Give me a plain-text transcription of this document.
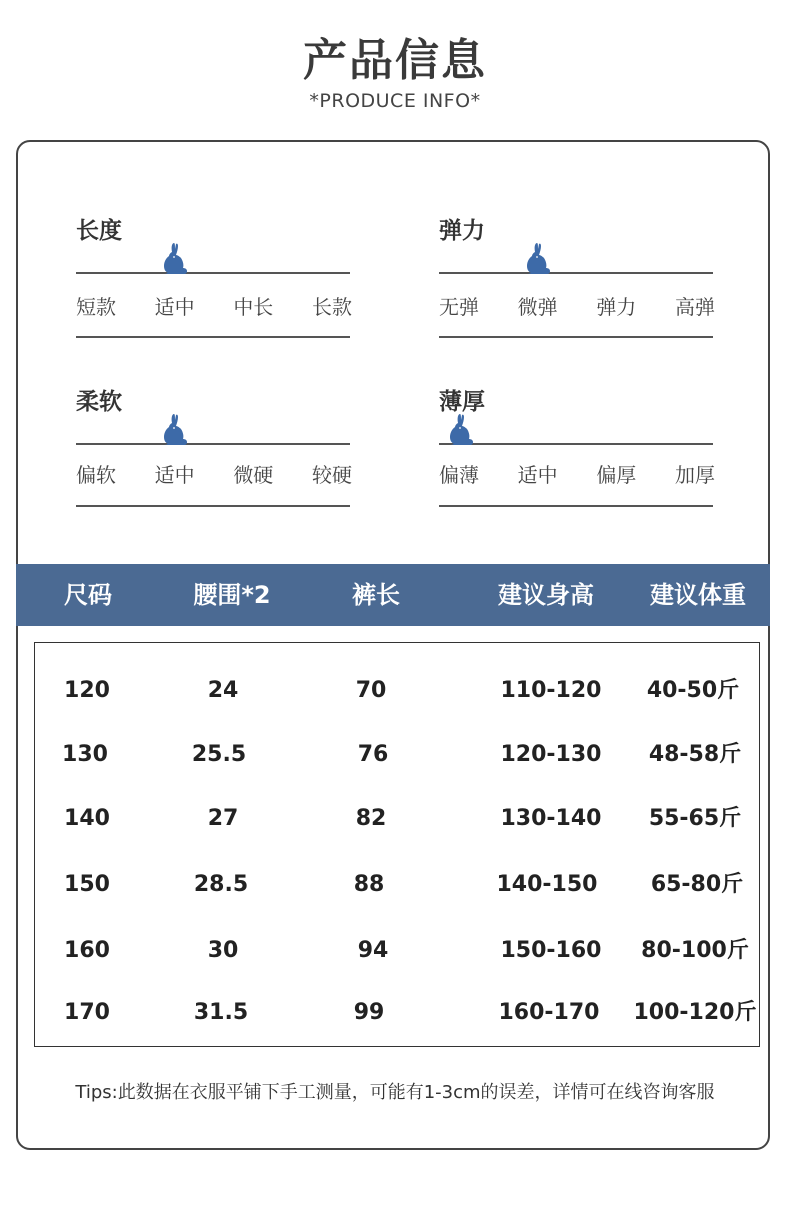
产品信息
*PRODUCE INFO*
长度
短款 适中 中长 长款
弹力
无弹 微弹 弹力 高弹
柔软
偏软 适中 微硬 较硬
薄厚
偏薄 适中 偏厚 加厚
尺码	腰围*2	裤长	建议身高	建议体重
120	24	70	110-120	40-50斤
130	25.5	76	120-130	48-58斤
140	27	82	130-140	55-65斤
150	28.5	88	140-150	65-80斤
160	30	94	150-160	80-100斤
170	31.5	99	160-170	100-120斤
Tips:此数据在衣服平铺下手工测量，可能有1-3cm的误差，详情可在线咨询客服
